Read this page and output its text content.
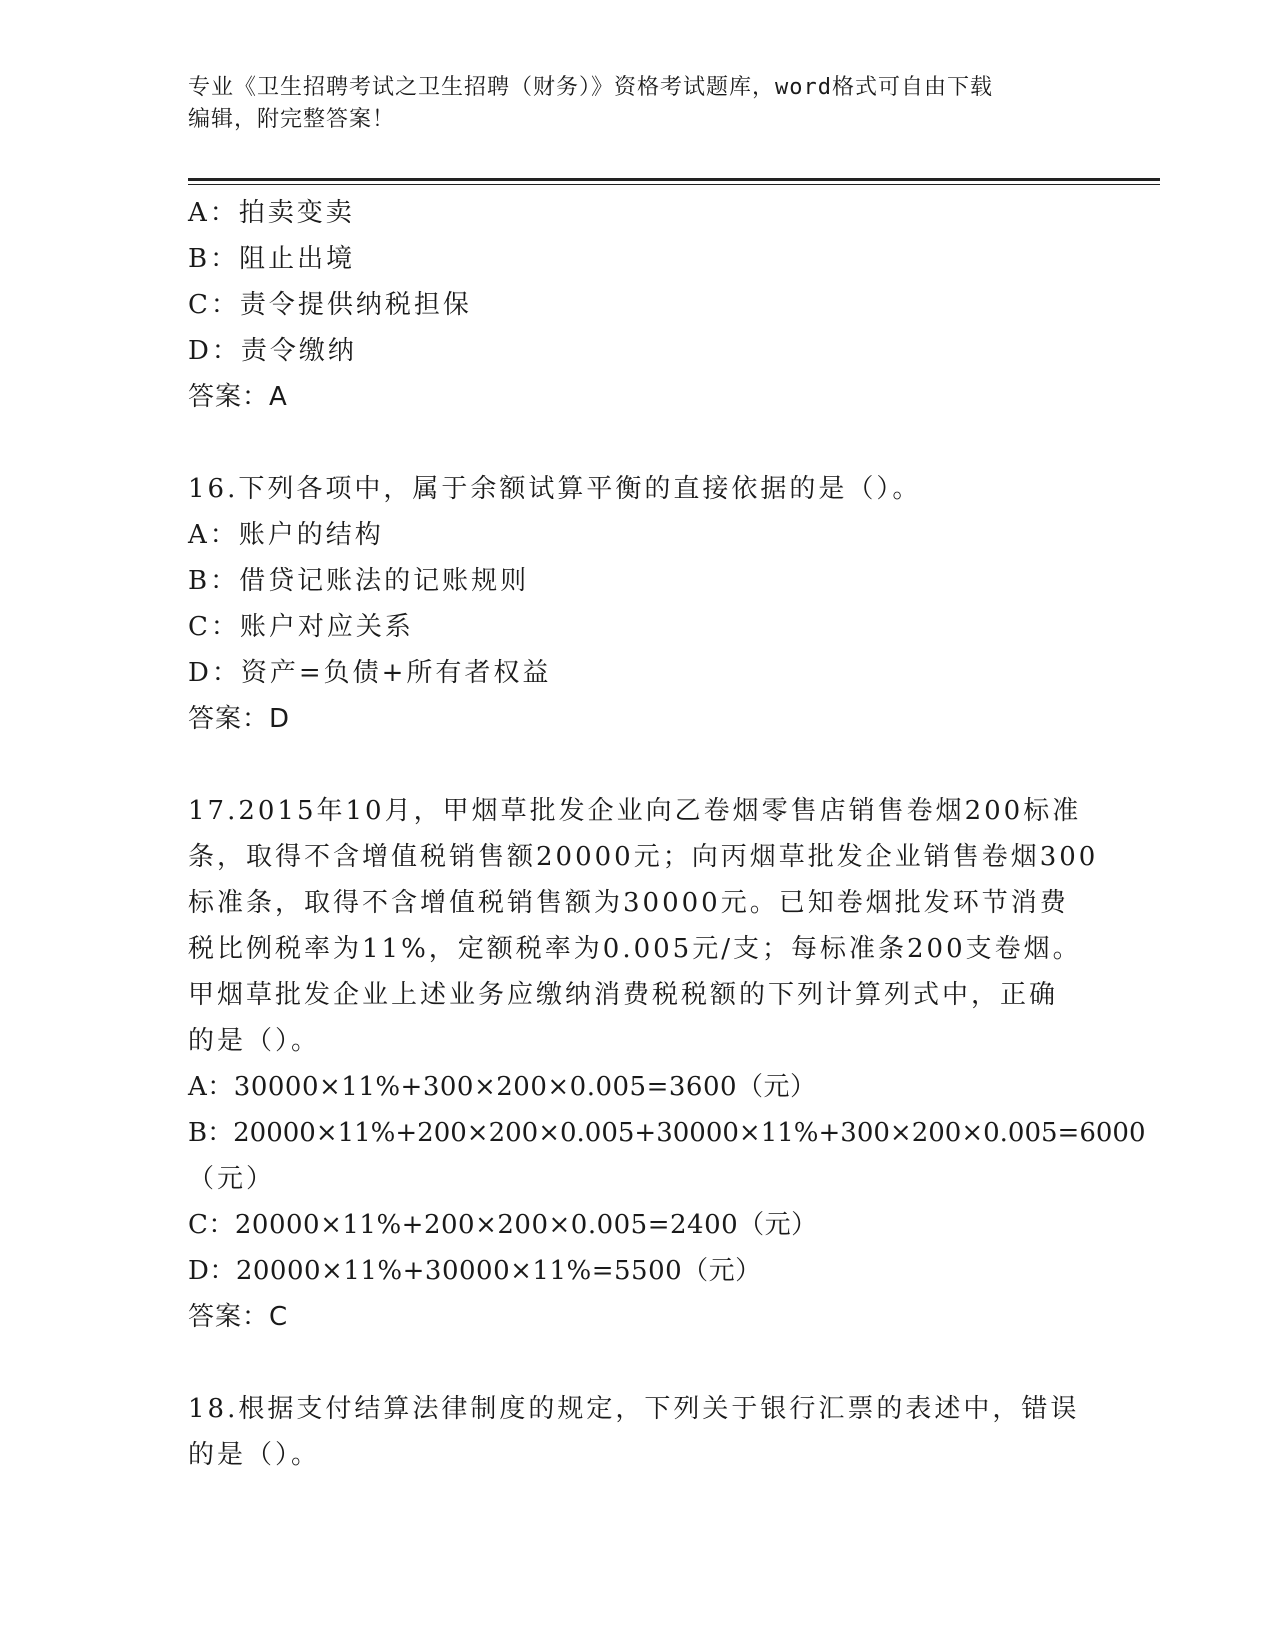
专业《卫生招聘考试之卫生招聘（财务）》资格考试题库，word格式可自由下载
编辑，附完整答案！
A：拍卖变卖
B：阻止出境
C：责令提供纳税担保
D：责令缴纳
答案：A
16.下列各项中，属于余额试算平衡的直接依据的是（）。
A：账户的结构
B：借贷记账法的记账规则
C：账户对应关系
D：资产=负债+所有者权益
答案：D
17.2015年10月，甲烟草批发企业向乙卷烟零售店销售卷烟200标准
条，取得不含增值税销售额20000元；向丙烟草批发企业销售卷烟300
标准条，取得不含增值税销售额为30000元。已知卷烟批发环节消费
税比例税率为11%，定额税率为0.005元/支；每标准条200支卷烟。
甲烟草批发企业上述业务应缴纳消费税税额的下列计算列式中，正确
的是（）。
A：30000×11%+300×200×0.005=3600（元）
B：20000×11%+200×200×0.005+30000×11%+300×200×0.005=6000
（元）
C：20000×11%+200×200×0.005=2400（元）
D：20000×11%+30000×11%=5500（元）
答案：C
18.根据支付结算法律制度的规定，下列关于银行汇票的表述中，错误
的是（）。
